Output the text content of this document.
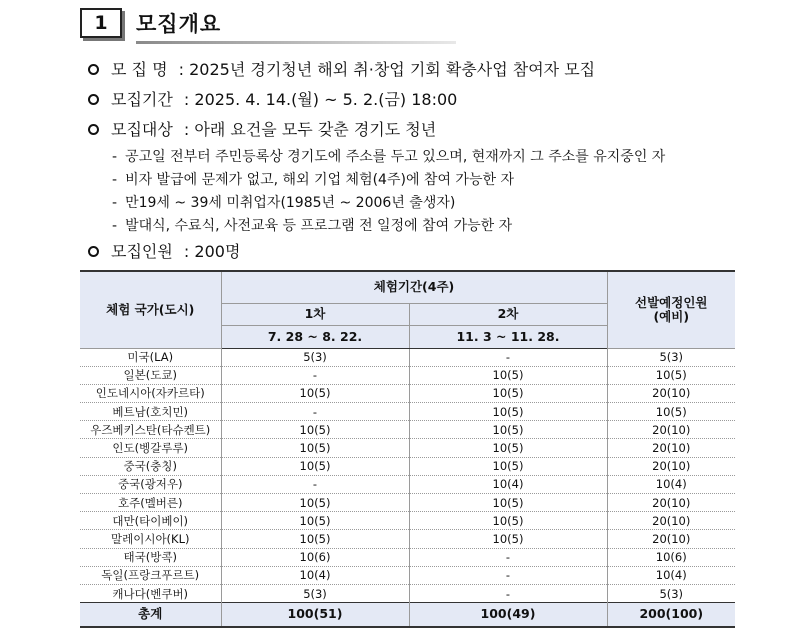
1	모집개요
모 집 명 : 2025년 경기청년 해외 취·창업 기회 확충사업 참여자 모집
모집기간 : 2025. 4. 14.(월) ~ 5. 2.(금) 18:00
모집대상 : 아래 요건을 모두 갖춘 경기도 청년
- 공고일 전부터 주민등록상 경기도에 주소를 두고 있으며, 현재까지 그 주소를 유지중인 자
- 비자 발급에 문제가 없고, 해외 기업 체험(4주)에 참여 가능한 자
- 만19세 ~ 39세 미취업자(1985년 ~ 2006년 출생자)
- 발대식, 수료식, 사전교육 등 프로그램 전 일정에 참여 가능한 자
모집인원 : 200명
체험 국가(도시)	체험기간(4주)		선발예정인원
(예비)
	1차	2차	
	7. 28 ~ 8. 22.	11. 3 ~ 11. 28.	
미국(LA)	5(3)	-	5(3)
일본(도쿄)	-	10(5)	10(5)
인도네시아(자카르타)	10(5)	10(5)	20(10)
베트남(호치민)	-	10(5)	10(5)
우즈베키스탄(타슈켄트)	10(5)	10(5)	20(10)
인도(벵갈루루)	10(5)	10(5)	20(10)
중국(충칭)	10(5)	10(5)	20(10)
중국(광저우)	-	10(4)	10(4)
호주(멜버른)	10(5)	10(5)	20(10)
대만(타이베이)	10(5)	10(5)	20(10)
말레이시아(KL)	10(5)	10(5)	20(10)
태국(방콕)	10(6)	-	10(6)
독일(프랑크푸르트)	10(4)	-	10(4)
캐나다(벤쿠버)	5(3)	-	5(3)
총계	100(51)	100(49)	200(100)
